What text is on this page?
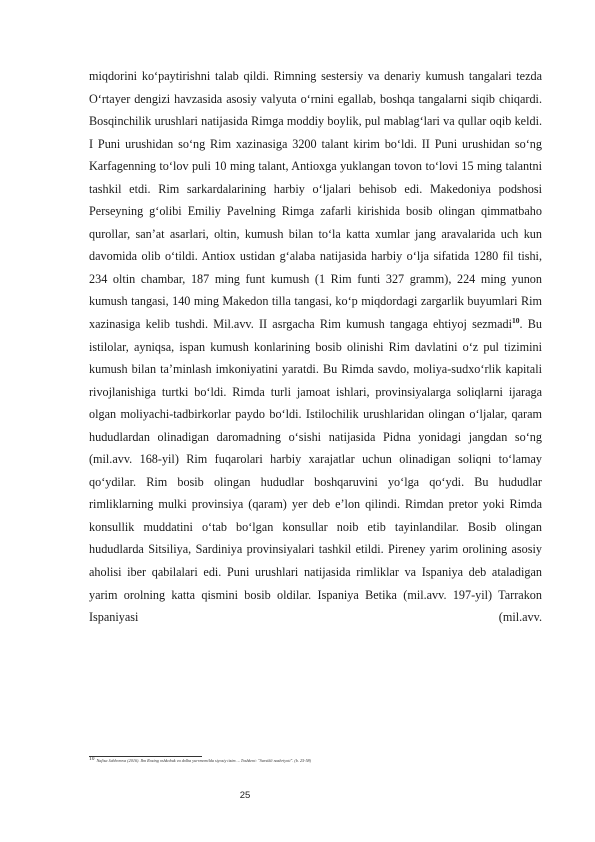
miqdorini ko‘paytirishni talab qildi. Rimning sestersiy va denariy kumush tangalari tezda O‘rtayer dengizi havzasida asosiy valyuta o‘rnini egallab, boshqa tangalarni siqib chiqardi. Bosqinchilik urushlari natijasida Rimga moddiy boylik, pul mablag‘lari va qullar oqib keldi. I Puni urushidan so‘ng Rim xazinasiga 3200 talant kirim bo‘ldi. II Puni urushidan so‘ng Karfagenning to‘lov puli 10 ming talant, Antioxga yuklangan tovon to‘lovi 15 ming talantni tashkil etdi. Rim sarkardalarining harbiy o‘ljalari behisob edi. Makedoniya podshosi Perseyning g‘olibi Emiliy Pavelning Rimga zafarli kirishida bosib olingan qimmatbaho qurollar, san’at asarlari, oltin, kumush bilan to‘la katta xumlar jang aravalarida uch kun davomida olib o‘tildi. Antiox ustidan g‘alaba natijasida harbiy o‘lja sifatida 1280 fil tishi, 234 oltin chambar, 187 ming funt kumush (1 Rim funti 327 gramm), 224 ming yunon kumush tangasi, 140 ming Makedon tilla tangasi, ko‘p miqdordagi zargarlik buyumlari Rim xazinasiga kelib tushdi. Mil.avv. II asrgacha Rim kumush tangaga ehtiyoj sezmadi$^{10}$. Bu istilolar, ayniqsa, ispan kumush konlarining bosib olinishi Rim davlatini o‘z pul tizimini kumush bilan ta’minlash imkoniyatini yaratdi. Bu Rimda savdo, moliya-sudxo‘rlik kapitali rivojlanishiga turtki bo‘ldi. Rimda turli jamoat ishlari, provinsiyalarga soliqlarni ijaraga olgan moliyachi-tadbirkorlar paydo bo‘ldi. Istilochilik urushlaridan olingan o‘ljalar, qaram hududlardan olinadigan daromadning o‘sishi natijasida Pidna yonidagi jangdan so‘ng (mil.avv. 168-yil) Rim fuqarolari harbiy xarajatlar uchun olinadigan soliqni to‘lamay qo‘ydilar. Rim bosib olingan hududlar boshqaruvini yo‘lga qo‘ydi. Bu hududlar rimliklarning mulki provinsiya (qaram) yer deb e’lon qilindi. Rimdan pretor yoki Rimda konsullik muddatini o‘tab bo‘lgan konsullar noib etib tayinlandilar. Bosib olingan hududlarda Sitsiliya, Sardiniya provinsiyalari tashkil etildi. Pireney yarim orolining asosiy aholisi iber qabilalari edi. Puni urushlari natijasida rimliklar va Ispaniya deb ataladigan yarim orolning katta qismini bosib oldilar. Ispaniya Betika (mil.avv. 197-yil) Tarrakon Ispaniyasi (mil.avv.

10 Nafisa Jabborova (2016). Ibn Rozing oshkobuk va dolba yurrmemilda siyosiy tizim. – Toshkent: "Sarsikli nashriyoti". (b. 25-58)
25
